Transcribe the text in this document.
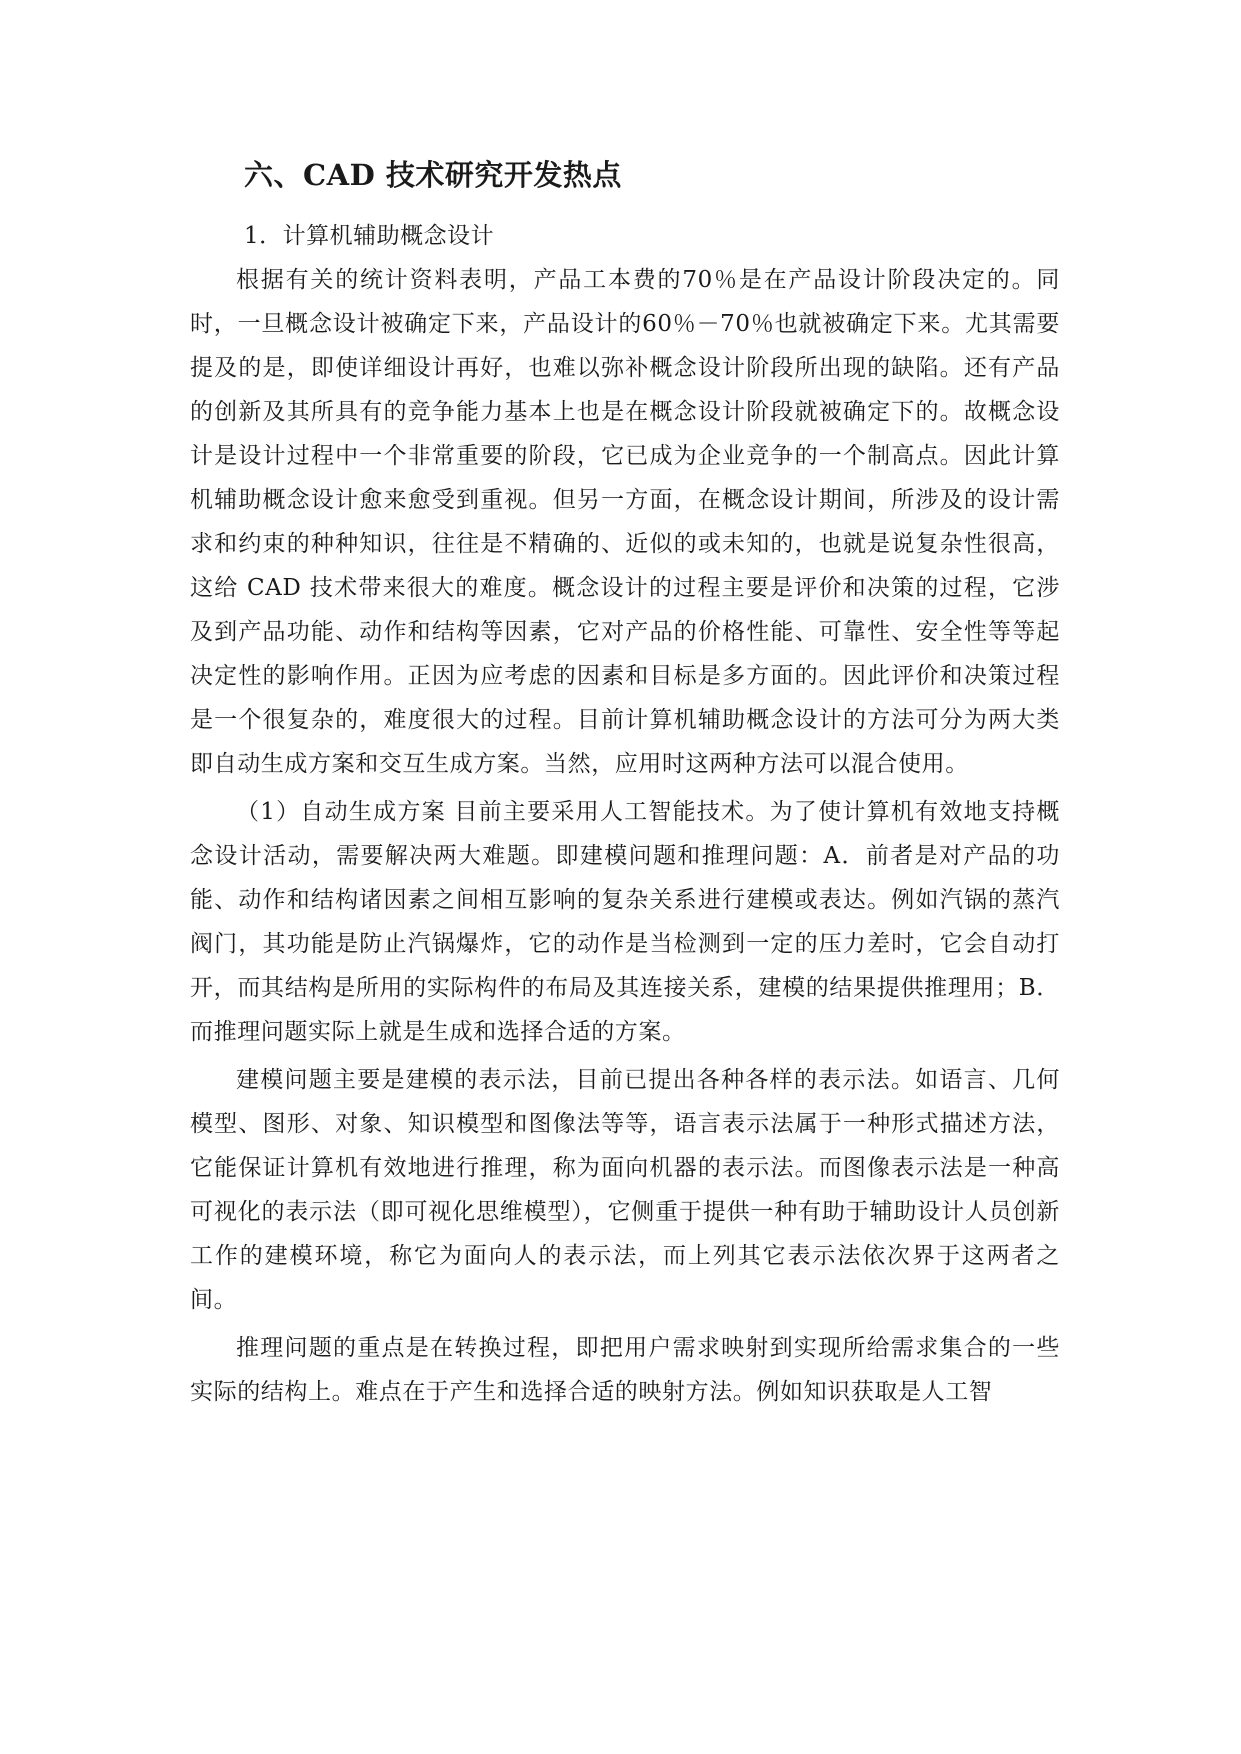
六、CAD 技术研究开发热点

1．计算机辅助概念设计

根据有关的统计资料表明，产品工本费的70％是在产品设计阶段决定的。同时，一旦概念设计被确定下来，产品设计的60％－70％也就被确定下来。尤其需要提及的是，即使详细设计再好，也难以弥补概念设计阶段所出现的缺陷。还有产品的创新及其所具有的竞争能力基本上也是在概念设计阶段就被确定下的。故概念设计是设计过程中一个非常重要的阶段，它已成为企业竞争的一个制高点。因此计算机辅助概念设计愈来愈受到重视。但另一方面，在概念设计期间，所涉及的设计需求和约束的种种知识，往往是不精确的、近似的或未知的，也就是说复杂性很高，这给 CAD 技术带来很大的难度。概念设计的过程主要是评价和决策的过程，它涉及到产品功能、动作和结构等因素，它对产品的价格性能、可靠性、安全性等等起决定性的影响作用。正因为应考虑的因素和目标是多方面的。因此评价和决策过程是一个很复杂的，难度很大的过程。目前计算机辅助概念设计的方法可分为两大类 即自动生成方案和交互生成方案。当然，应用时这两种方法可以混合使用。

（1）自动生成方案 目前主要采用人工智能技术。为了使计算机有效地支持概念设计活动，需要解决两大难题。即建模问题和推理问题：A．前者是对产品的功能、动作和结构诸因素之间相互影响的复杂关系进行建模或表达。例如汽锅的蒸汽阀门，其功能是防止汽锅爆炸，它的动作是当检测到一定的压力差时，它会自动打开，而其结构是所用的实际构件的布局及其连接关系，建模的结果提供推理用；B．而推理问题实际上就是生成和选择合适的方案。

建模问题主要是建模的表示法，目前已提出各种各样的表示法。如语言、几何模型、图形、对象、知识模型和图像法等等，语言表示法属于一种形式描述方法，它能保证计算机有效地进行推理，称为面向机器的表示法。而图像表示法是一种高可视化的表示法（即可视化思维模型），它侧重于提供一种有助于辅助设计人员创新工作的建模环境，称它为面向人的表示法，而上列其它表示法依次界于这两者之间。

推理问题的重点是在转换过程，即把用户需求映射到实现所给需求集合的一些实际的结构上。难点在于产生和选择合适的映射方法。例如知识获取是人工智
